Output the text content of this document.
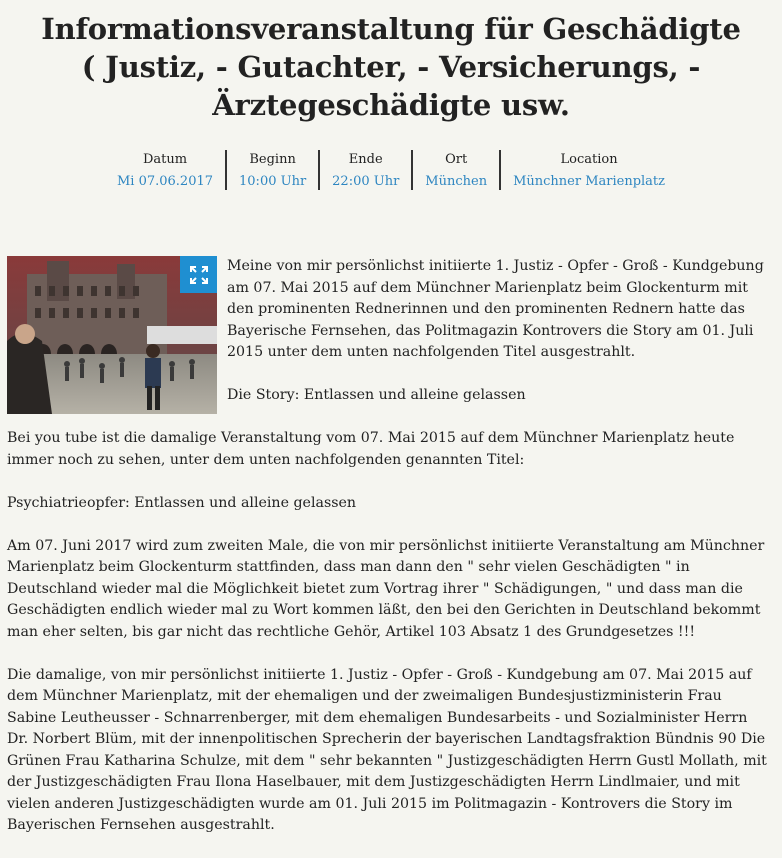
Informationsveranstaltung für Geschädigte ( Justiz, - Gutachter, - Versicherungs, - Ärztegeschädigte usw.
Datum
Mi 07.06.2017
Beginn
10:00 Uhr
Ende
22:00 Uhr
Ort
München
Location
Münchner Marienplatz

Meine von mir persönlichst initiierte 1. Justiz - Opfer - Groß - Kundgebung am 07. Mai 2015 auf dem Münchner Marienplatz beim Glockenturm mit den prominenten Rednerinnen und den prominenten Rednern hatte das Bayerische Fernsehen, das Politmagazin Kontrovers die Story am 01. Juli 2015 unter dem unten nachfolgenden Titel ausgestrahlt.

Die Story: Entlassen und alleine gelassen

Bei you tube ist die damalige Veranstaltung vom 07. Mai 2015 auf dem Münchner Marienplatz heute immer noch zu sehen, unter dem unten nachfolgenden genannten Titel:

Psychiatrieopfer: Entlassen und alleine gelassen

Am 07. Juni 2017 wird zum zweiten Male, die von mir persönlichst initiierte Veranstaltung am Münchner Marienplatz beim Glockenturm stattfinden, dass man dann den " sehr vielen Geschädigten " in Deutschland wieder mal die Möglichkeit bietet zum Vortrag ihrer " Schädigungen, " und dass man die Geschädigten endlich wieder mal zu Wort kommen läßt, den bei den Gerichten in Deutschland bekommt man eher selten, bis gar nicht das rechtliche Gehör, Artikel 103 Absatz 1 des Grundgesetzes !!!

Die damalige, von mir persönlichst initiierte 1. Justiz - Opfer - Groß - Kundgebung am 07. Mai 2015 auf dem Münchner Marienplatz, mit der ehemaligen und der zweimaligen Bundesjustizministerin Frau Sabine Leutheusser - Schnarrenberger, mit dem ehemaligen Bundesarbeits - und Sozialminister Herrn Dr. Norbert Blüm, mit der innenpolitischen Sprecherin der bayerischen Landtagsfraktion Bündnis 90 Die Grünen Frau Katharina Schulze, mit dem " sehr bekannten " Justizgeschädigten Herrn Gustl Mollath, mit der Justizgeschädigten Frau Ilona Haselbauer, mit dem Justizgeschädigten Herrn Lindlmaier, und mit vielen anderen Justizgeschädigten wurde am 01. Juli 2015 im Politmagazin - Kontrovers die Story im Bayerischen Fernsehen ausgestrahlt.
